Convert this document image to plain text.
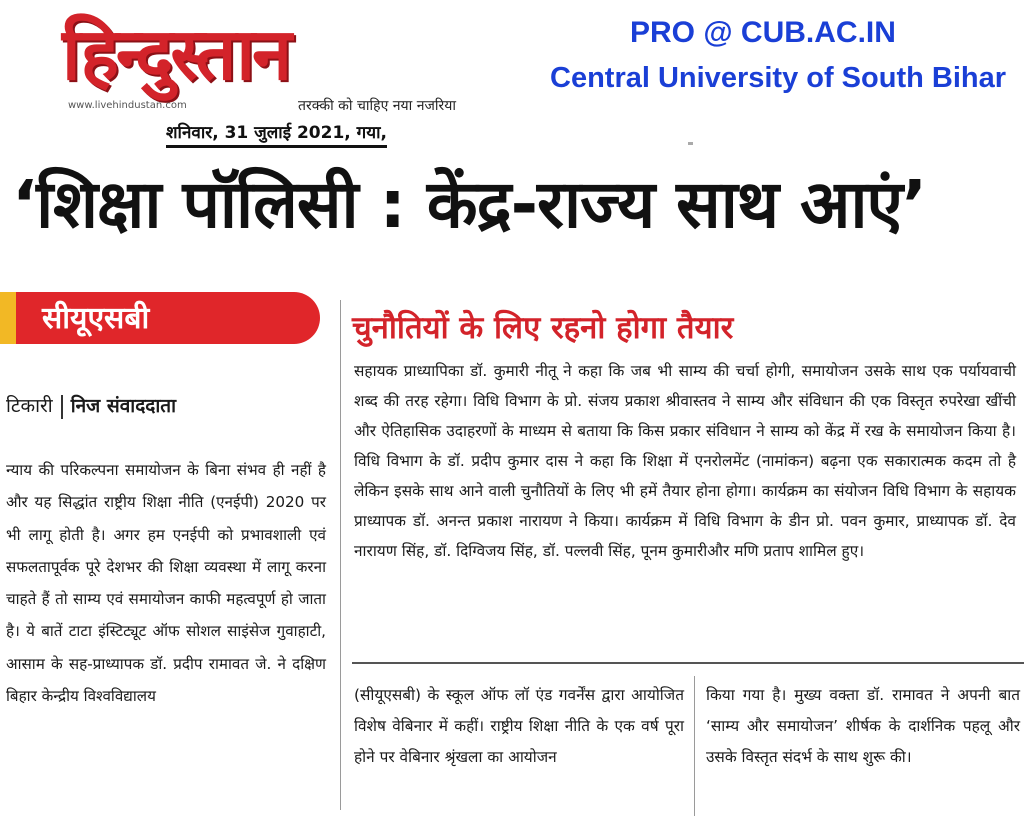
हिन्दुस्तान
www.livehindustan.com	तरक्की को चाहिए नया नजरिया
शनिवार, 31 जुलाई 2021, गया,
PRO @ CUB.AC.IN
Central University of South Bihar
‘शिक्षा पॉलिसी : केंद्र-राज्य साथ आएं’
सीयूएसबी
टिकारी निज संवाददाता
न्याय की परिकल्पना समायोजन के बिना संभव ही नहीं है और यह सिद्धांत राष्ट्रीय शिक्षा नीति (एनईपी) 2020 पर भी लागू होती है। अगर हम एनईपी को प्रभावशाली एवं सफलतापूर्वक पूरे देशभर की शिक्षा व्यवस्था में लागू करना चाहते हैं तो साम्य एवं समायोजन काफी महत्वपूर्ण हो जाता है। ये बातें टाटा इंस्टिट्यूट ऑफ सोशल साइंसेज गुवाहाटी, आसाम के सह-प्राध्यापक डॉ. प्रदीप रामावत जे. ने दक्षिण बिहार केन्द्रीय विश्वविद्यालय
चुनौतियों के लिए रहनो होगा तैयार
सहायक प्राध्यापिका डॉ. कुमारी नीतू ने कहा कि जब भी साम्य की चर्चा होगी, समायोजन उसके साथ एक पर्यायवाची शब्द की तरह रहेगा। विधि विभाग के प्रो. संजय प्रकाश श्रीवास्तव ने साम्य और संविधान की एक विस्तृत रुपरेखा खींची और ऐतिहासिक उदाहरणों के माध्यम से बताया कि किस प्रकार संविधान ने साम्य को केंद्र में रख के समायोजन किया है। विधि विभाग के डॉ. प्रदीप कुमार दास ने कहा कि शिक्षा में एनरोलमेंट (नामांकन) बढ़ना एक सकारात्मक कदम तो है लेकिन इसके साथ आने वाली चुनौतियों के लिए भी हमें तैयार होना होगा। कार्यक्रम का संयोजन विधि विभाग के सहायक प्राध्यापक डॉ. अनन्त प्रकाश नारायण ने किया। कार्यक्रम में विधि विभाग के डीन प्रो. पवन कुमार, प्राध्यापक डॉ. देव नारायण सिंह, डॉ. दिग्विजय सिंह, डॉ. पल्लवी सिंह, पूनम कुमारीऔर मणि प्रताप शामिल हुए।
(सीयूएसबी) के स्कूल ऑफ लॉ एंड गवर्नेंस द्वारा आयोजित विशेष वेबिनार में कहीं। राष्ट्रीय शिक्षा नीति के एक वर्ष पूरा होने पर वेबिनार श्रृंखला का आयोजन
किया गया है। मुख्य वक्ता डॉ. रामावत ने अपनी बात ‘साम्य और समायोजन’ शीर्षक के दार्शनिक पहलू और उसके विस्तृत संदर्भ के साथ शुरू की।
